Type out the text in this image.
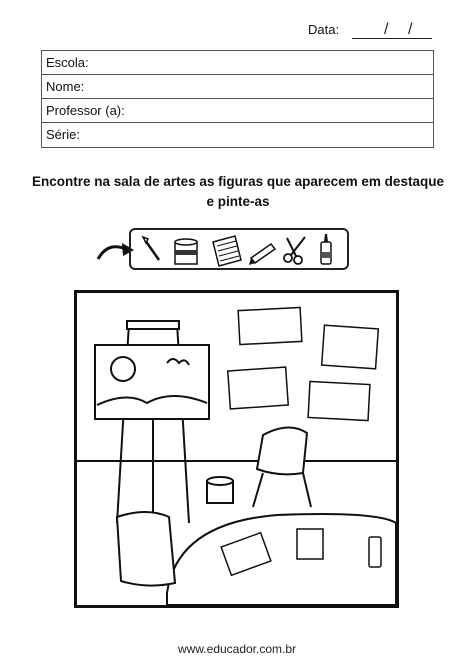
Data:	/ /
Escola:
Nome:
Professor (a):
Série:
Encontre na sala de artes as figuras que aparecem em destaque e pinte-as
www.educador.com.br
